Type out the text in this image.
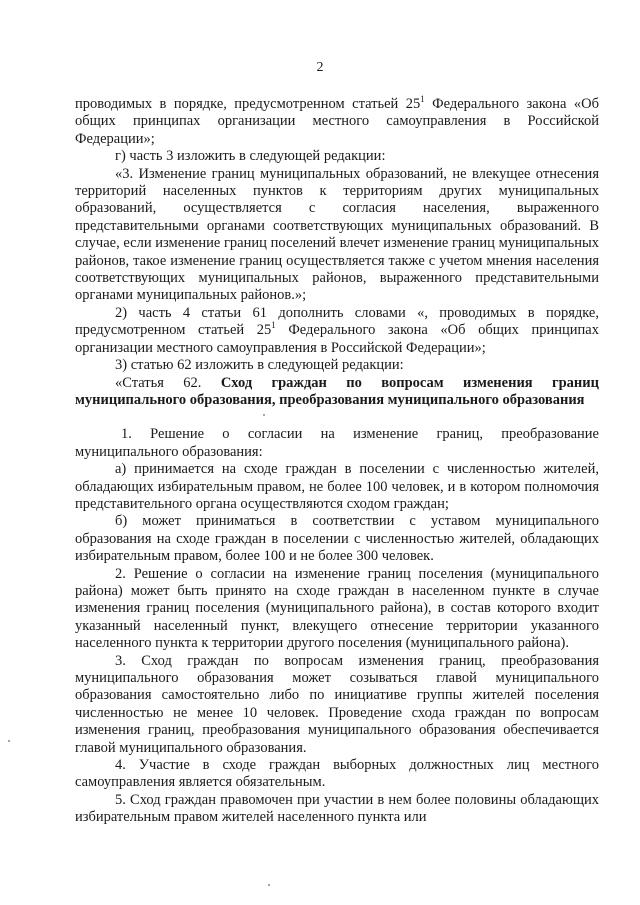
2

проводимых в порядке, предусмотренном статьей $25^1$ Федерального закона «Об общих принципах организации местного самоуправления в Российской Федерации»;

г) часть 3 изложить в следующей редакции:

«3. Изменение границ муниципальных образований, не влекущее отнесения территорий населенных пунктов к территориям других муниципальных образований, осуществляется с согласия населения, выраженного представительными органами соответствующих муниципальных образований. В случае, если изменение границ поселений влечет изменение границ муниципальных районов, такое изменение границ осуществляется также с учетом мнения населения соответствующих муниципальных районов, выраженного представительными органами муниципальных районов.»;

2) часть 4 статьи 61 дополнить словами «, проводимых в порядке, предусмотренном статьей $25^1$ Федерального закона «Об общих принципах организации местного самоуправления в Российской Федерации»;

3) статью 62 изложить в следующей редакции:

«Статья 62. Сход граждан по вопросам изменения границ муниципального образования, преобразования муниципального образования

1. Решение о согласии на изменение границ, преобразование муниципального образования:

а) принимается на сходе граждан в поселении с численностью жителей, обладающих избирательным правом, не более 100 человек, и в котором полномочия представительного органа осуществляются сходом граждан;

б) может приниматься в соответствии с уставом муниципального образования на сходе граждан в поселении с численностью жителей, обладающих избирательным правом, более 100 и не более 300 человек.

2. Решение о согласии на изменение границ поселения (муниципального района) может быть принято на сходе граждан в населенном пункте в случае изменения границ поселения (муниципального района), в состав которого входит указанный населенный пункт, влекущего отнесение территории указанного населенного пункта к территории другого поселения (муниципального района).

3. Сход граждан по вопросам изменения границ, преобразования муниципального образования может созываться главой муниципального образования самостоятельно либо по инициативе группы жителей поселения численностью не менее 10 человек. Проведение схода граждан по вопросам изменения границ, преобразования муниципального образования обеспечивается главой муниципального образования.

4. Участие в сходе граждан выборных должностных лиц местного самоуправления является обязательным.

5. Сход граждан правомочен при участии в нем более половины обладающих избирательным правом жителей населенного пункта или
